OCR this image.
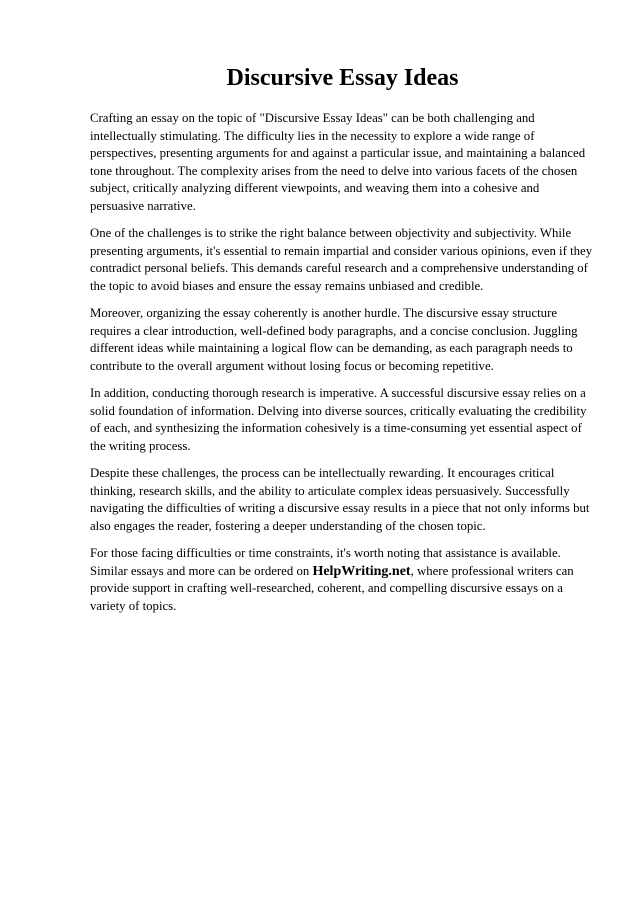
Discursive Essay Ideas

Crafting an essay on the topic of "Discursive Essay Ideas" can be both challenging and intellectually stimulating. The difficulty lies in the necessity to explore a wide range of perspectives, presenting arguments for and against a particular issue, and maintaining a balanced tone throughout. The complexity arises from the need to delve into various facets of the chosen subject, critically analyzing different viewpoints, and weaving them into a cohesive and persuasive narrative.

One of the challenges is to strike the right balance between objectivity and subjectivity. While presenting arguments, it's essential to remain impartial and consider various opinions, even if they contradict personal beliefs. This demands careful research and a comprehensive understanding of the topic to avoid biases and ensure the essay remains unbiased and credible.

Moreover, organizing the essay coherently is another hurdle. The discursive essay structure requires a clear introduction, well-defined body paragraphs, and a concise conclusion. Juggling different ideas while maintaining a logical flow can be demanding, as each paragraph needs to contribute to the overall argument without losing focus or becoming repetitive.

In addition, conducting thorough research is imperative. A successful discursive essay relies on a solid foundation of information. Delving into diverse sources, critically evaluating the credibility of each, and synthesizing the information cohesively is a time-consuming yet essential aspect of the writing process.

Despite these challenges, the process can be intellectually rewarding. It encourages critical thinking, research skills, and the ability to articulate complex ideas persuasively. Successfully navigating the difficulties of writing a discursive essay results in a piece that not only informs but also engages the reader, fostering a deeper understanding of the chosen topic.

For those facing difficulties or time constraints, it's worth noting that assistance is available. Similar essays and more can be ordered on HelpWriting.net, where professional writers can provide support in crafting well-researched, coherent, and compelling discursive essays on a variety of topics.
